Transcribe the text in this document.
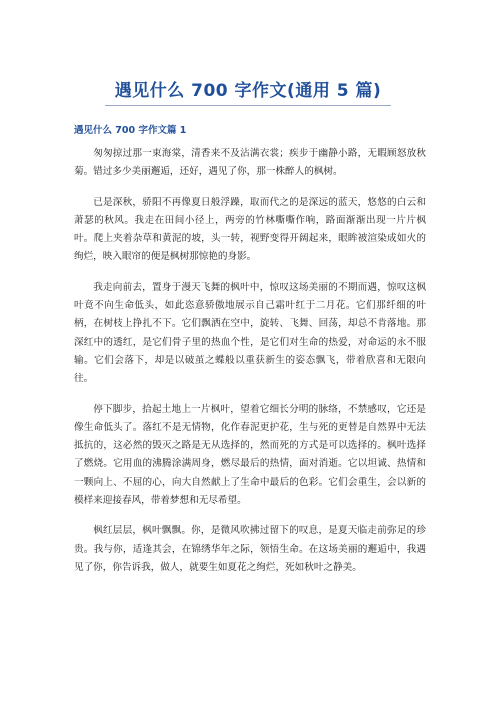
遇见什么 700 字作文(通用 5 篇)
遇见什么 700 字作文篇 1

匆匆掠过那一束海棠，清香来不及沾满衣裳；疾步于幽静小路，无暇顾怒放秋菊。错过多少美丽邂逅，还好，遇见了你，那一株醉人的枫树。

已是深秋，骄阳不再像夏日般浮躁，取而代之的是深远的蓝天，悠悠的白云和萧瑟的秋风。我走在田间小径上，两旁的竹林嘶嘶作响，路面渐渐出现一片片枫叶。爬上夹着杂草和黄泥的坡，头一转，视野变得开阔起来，眼眸被渲染成如火的绚烂，映入眼帘的便是枫树那惊艳的身影。

我走向前去，置身于漫天飞舞的枫叶中，惊叹这场美丽的不期而遇，惊叹这枫叶竟不向生命低头，如此恣意骄傲地展示自己霜叶红于二月花。它们那纤细的叶柄，在树枝上挣扎不下。它们飘洒在空中，旋转、飞舞、回荡，却总不肯落地。那深红中的透红，是它们骨子里的热血个性，是它们对生命的热爱，对命运的永不服输。它们会落下，却是以破茧之蝶般以重获新生的姿态飘飞，带着欣喜和无限向往。

停下脚步，拾起土地上一片枫叶，望着它细长分明的脉络，不禁感叹，它还是像生命低头了。落红不是无情物，化作春泥更护花，生与死的更替是自然界中无法抵抗的，这必然的毁灭之路是无从选择的，然而死的方式是可以选择的。枫叶选择了燃烧。它用血的沸腾涂满周身，燃尽最后的热情，面对消逝。它以坦诚、热情和一颗向上、不屈的心，向大自然献上了生命中最后的色彩。它们会重生，会以新的模样来迎接春风，带着梦想和无尽希望。

枫红层层，枫叶飘飘。你，是微风吹拂过留下的叹息，是夏天临走前弥足的珍贵。我与你，适逢其会，在锦绣华年之际，领悟生命。在这场美丽的邂逅中，我遇见了你，你告诉我，做人，就要生如夏花之绚烂，死如秋叶之静美。
